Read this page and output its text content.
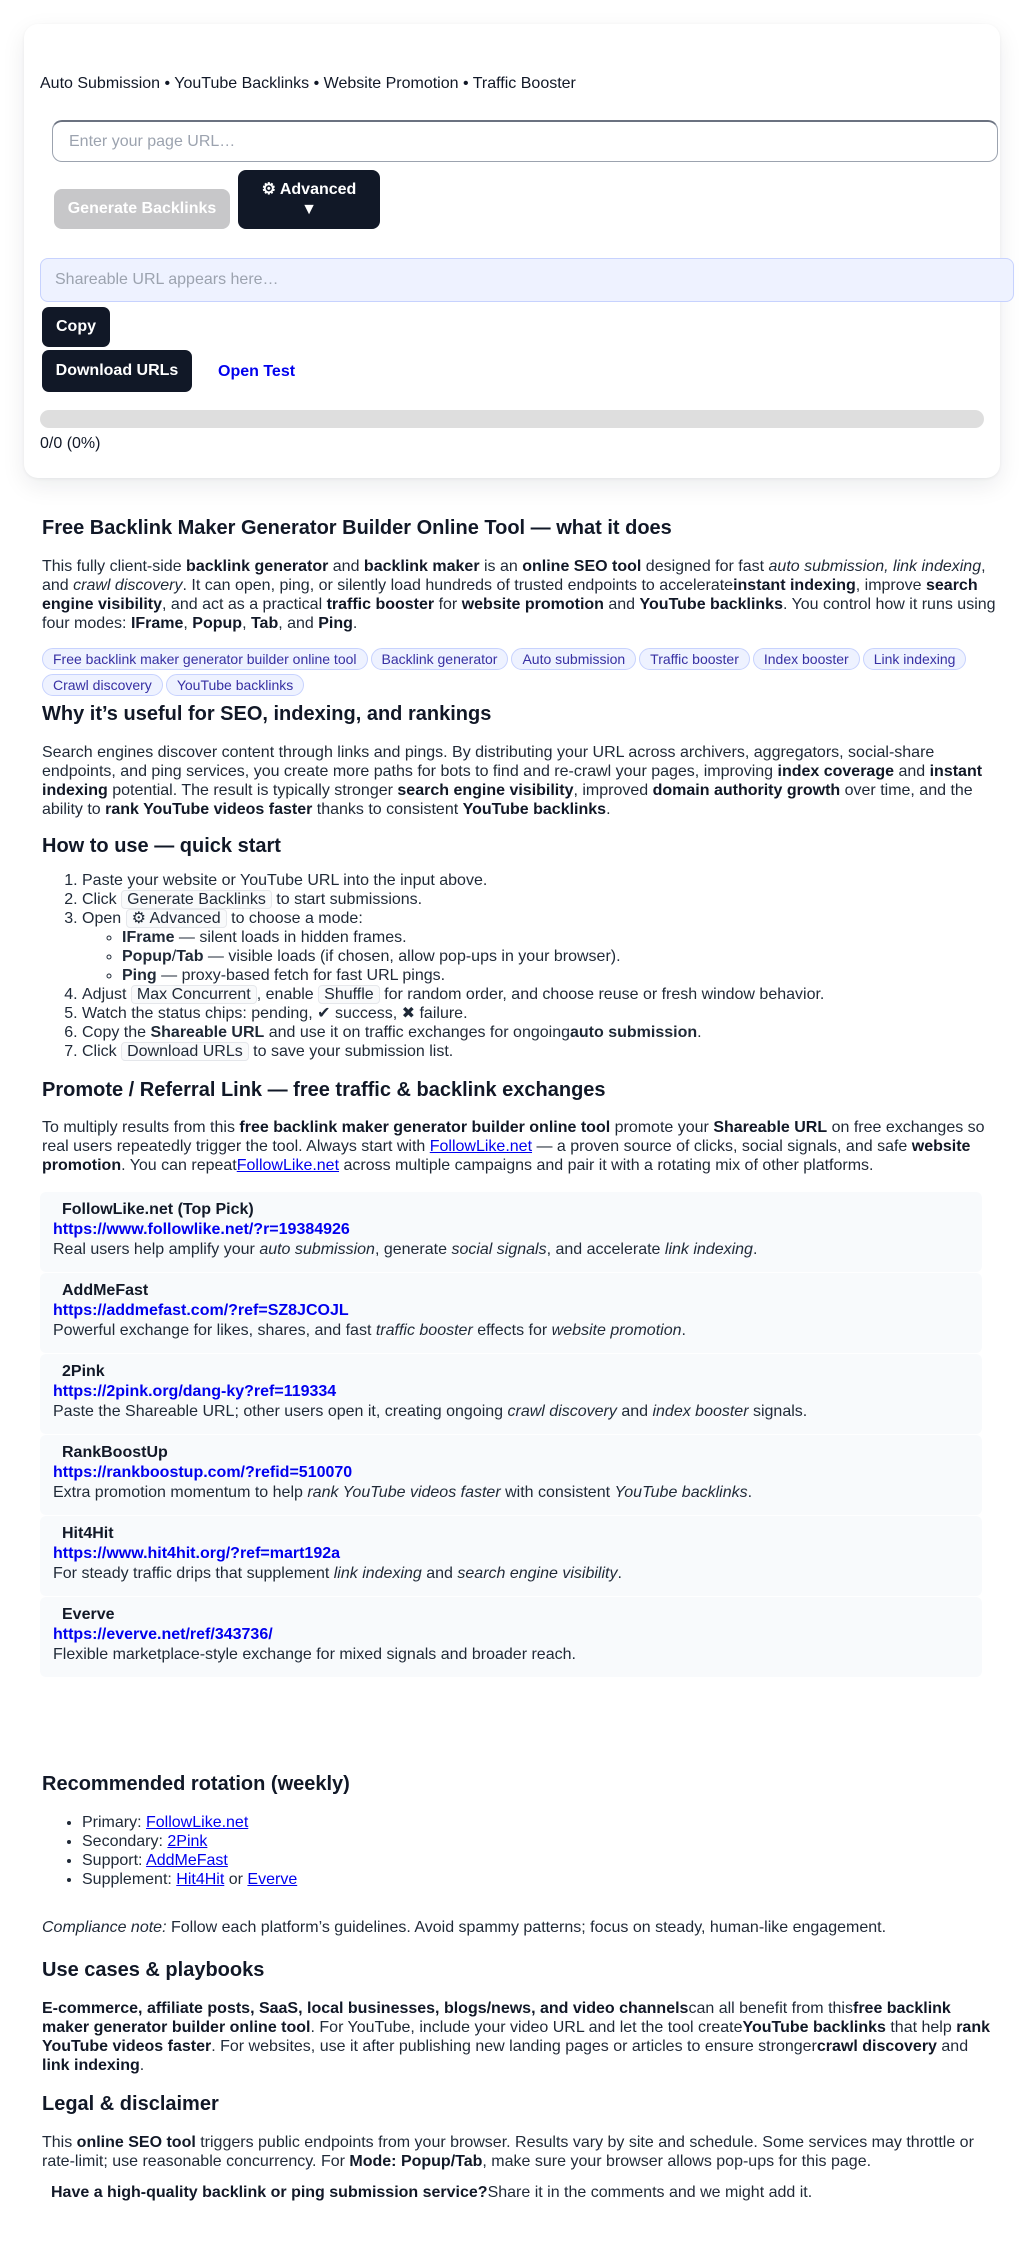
Auto Submission • YouTube Backlinks • Website Promotion • Traffic Booster
Enter your page URL…
Generate Backlinks
⚙ Advanced
▼
Shareable URL appears here…
Copy
Download URLs	Open Test
0/0 (0%)
Free Backlink Maker Generator Builder Online Tool — what it does
This fully client-side backlink generator and backlink maker is an online SEO tool designed for fast auto submission, link indexing, and crawl discovery. It can open, ping, or silently load hundreds of trusted endpoints to accelerateinstant indexing, improve search engine visibility, and act as a practical traffic booster for website promotion and YouTube backlinks. You control how it runs using four modes: IFrame, Popup, Tab, and Ping.
Free backlink maker generator builder online tool Backlink generator Auto submission Traffic booster Index booster Link indexingCrawl discovery YouTube backlinks
Why it’s useful for SEO, indexing, and rankings
Search engines discover content through links and pings. By distributing your URL across archivers, aggregators, social-share endpoints, and ping services, you create more paths for bots to find and re-crawl your pages, improving index coverage and instant indexing potential. The result is typically stronger search engine visibility, improved domain authority growth over time, and the ability to rank YouTube videos faster thanks to consistent YouTube backlinks.
How to use — quick start
1. Paste your website or YouTube URL into the input above.
2. Click Generate Backlinks to start submissions.
3. Open ⚙ Advanced to choose a mode:
◦ IFrame — silent loads in hidden frames.
◦ Popup/Tab — visible loads (if chosen, allow pop-ups in your browser).
◦ Ping — proxy-based fetch for fast URL pings.
4. Adjust Max Concurrent , enable Shuffle for random order, and choose reuse or fresh window behavior.
5. Watch the status chips: pending, ✔ success, ✖ failure.
6. Copy the Shareable URL and use it on traffic exchanges for ongoingauto submission.
7. Click Download URLs to save your submission list.
Promote / Referral Link — free traffic & backlink exchanges
To multiply results from this free backlink maker generator builder online tool promote your Shareable URL on free exchanges so real users repeatedly trigger the tool. Always start with FollowLike.net — a proven source of clicks, social signals, and safe website promotion. You can repeatFollowLike.net across multiple campaigns and pair it with a rotating mix of other platforms.
FollowLike.net (Top Pick)
https://www.followlike.net/?r=19384926
Real users help amplify your auto submission, generate social signals, and accelerate link indexing.
AddMeFast
https://addmefast.com/?ref=SZ8JCOJL
Powerful exchange for likes, shares, and fast traffic booster effects for website promotion.
2Pink
https://2pink.org/dang-ky?ref=119334
Paste the Shareable URL; other users open it, creating ongoing crawl discovery and index booster signals.
RankBoostUp
https://rankboostup.com/?refid=510070
Extra promotion momentum to help rank YouTube videos faster with consistent YouTube backlinks.
Hit4Hit
https://www.hit4hit.org/?ref=mart192a
For steady traffic drips that supplement link indexing and search engine visibility.
Everve
https://everve.net/ref/343736/
Flexible marketplace-style exchange for mixed signals and broader reach.
Recommended rotation (weekly)
• Primary: FollowLike.net
• Secondary: 2Pink
• Support: AddMeFast
• Supplement: Hit4Hit or Everve
Compliance note: Follow each platform’s guidelines. Avoid spammy patterns; focus on steady, human-like engagement.
Use cases & playbooks
E-commerce, affiliate posts, SaaS, local businesses, blogs/news, and video channelscan all benefit from thisfree backlink maker generator builder online tool. For YouTube, include your video URL and let the tool createYouTube backlinks that help rank YouTube videos faster. For websites, use it after publishing new landing pages or articles to ensure strongercrawl discovery and link indexing.
Legal & disclaimer
This online SEO tool triggers public endpoints from your browser. Results vary by site and schedule. Some services may throttle or rate-limit; use reasonable concurrency. For Mode: Popup/Tab, make sure your browser allows pop-ups for this page.
Have a high-quality backlink or ping submission service?Share it in the comments and we might add it.
